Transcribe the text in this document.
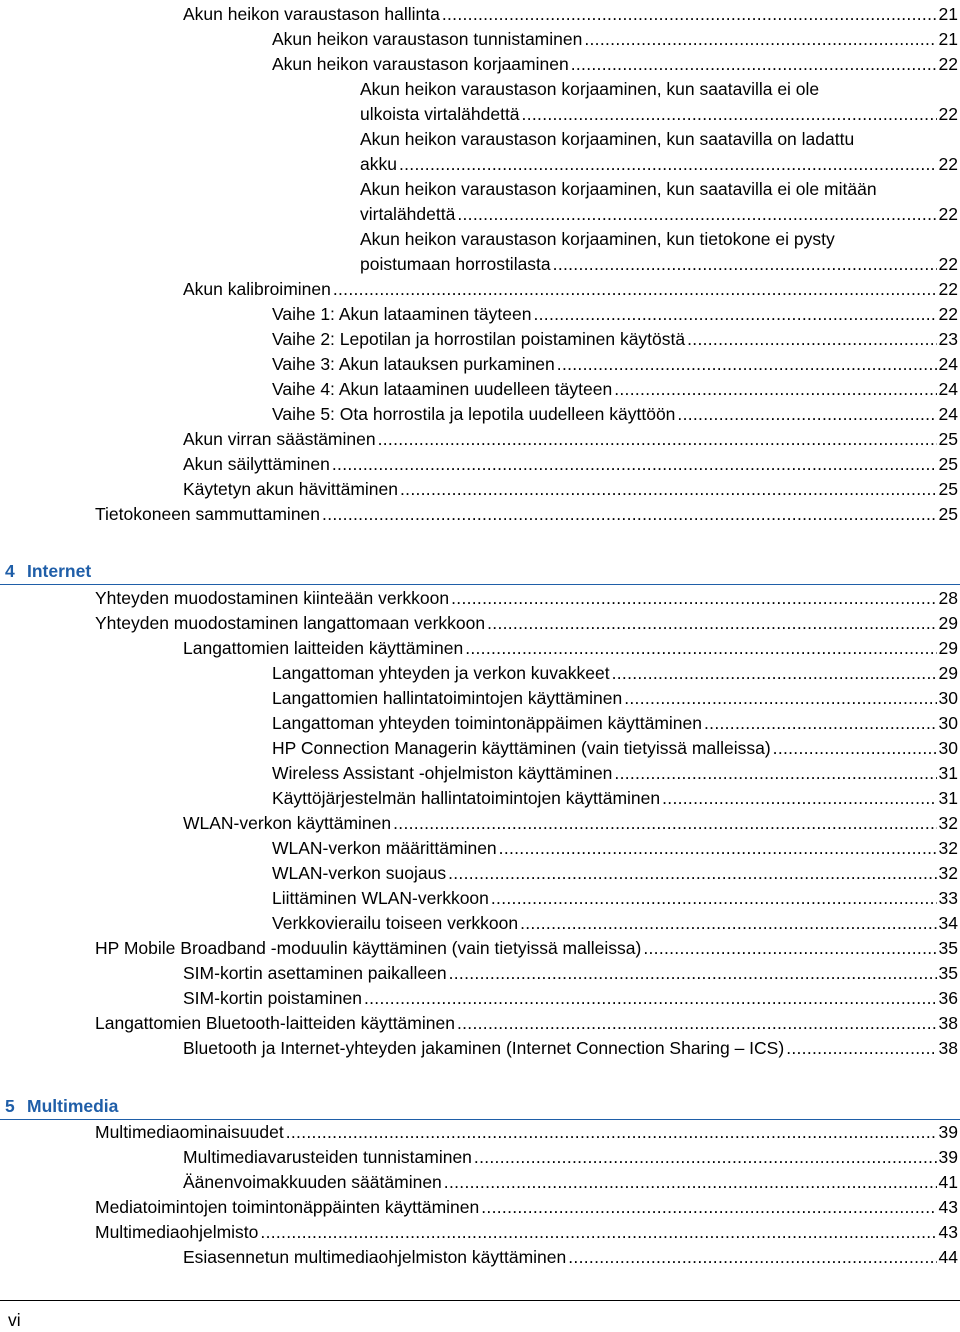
Akun heikon varaustason hallinta .....	21
Akun heikon varaustason tunnistaminen .....	21
Akun heikon varaustason korjaaminen .....	22
Akun heikon varaustason korjaaminen, kun saatavilla ei ole
ulkoista virtalähdettä .....	22
Akun heikon varaustason korjaaminen, kun saatavilla on ladattu
akku .....	22
Akun heikon varaustason korjaaminen, kun saatavilla ei ole mitään
virtalähdettä .....	22
Akun heikon varaustason korjaaminen, kun tietokone ei pysty
poistumaan horrostilasta .....	22
Akun kalibroiminen .....	22
Vaihe 1: Akun lataaminen täyteen .....	22
Vaihe 2: Lepotilan ja horrostilan poistaminen käytöstä .....	23
Vaihe 3: Akun latauksen purkaminen .....	24
Vaihe 4: Akun lataaminen uudelleen täyteen .....	24
Vaihe 5: Ota horrostila ja lepotila uudelleen käyttöön .....	24
Akun virran säästäminen .....	25
Akun säilyttäminen .....	25
Käytetyn akun hävittäminen .....	25
Tietokoneen sammuttaminen .....	25
4 Internet
Yhteyden muodostaminen kiinteään verkkoon .....	28
Yhteyden muodostaminen langattomaan verkkoon .....	29
Langattomien laitteiden käyttäminen .....	29
Langattoman yhteyden ja verkon kuvakkeet .....	29
Langattomien hallintatoimintojen käyttäminen .....	30
Langattoman yhteyden toimintonäppäimen käyttäminen .....	30
HP Connection Managerin käyttäminen (vain tietyissä malleissa) .....	30
Wireless Assistant -ohjelmiston käyttäminen .....	31
Käyttöjärjestelmän hallintatoimintojen käyttäminen .....	31
WLAN-verkon käyttäminen .....	32
WLAN-verkon määrittäminen .....	32
WLAN-verkon suojaus .....	32
Liittäminen WLAN-verkkoon .....	33
Verkkovierailu toiseen verkkoon .....	34
HP Mobile Broadband -moduulin käyttäminen (vain tietyissä malleissa) .....	35
SIM-kortin asettaminen paikalleen .....	35
SIM-kortin poistaminen .....	36
Langattomien Bluetooth-laitteiden käyttäminen .....	38
Bluetooth ja Internet-yhteyden jakaminen (Internet Connection Sharing – ICS) .....	38
5 Multimedia
Multimediaominaisuudet .....	39
Multimediavarusteiden tunnistaminen .....	39
Äänenvoimakkuuden säätäminen .....	41
Mediatoimintojen toimintonäppäinten käyttäminen .....	43
Multimediaohjelmisto .....	43
Esiasennetun multimediaohjelmiston käyttäminen .....	44
vi
